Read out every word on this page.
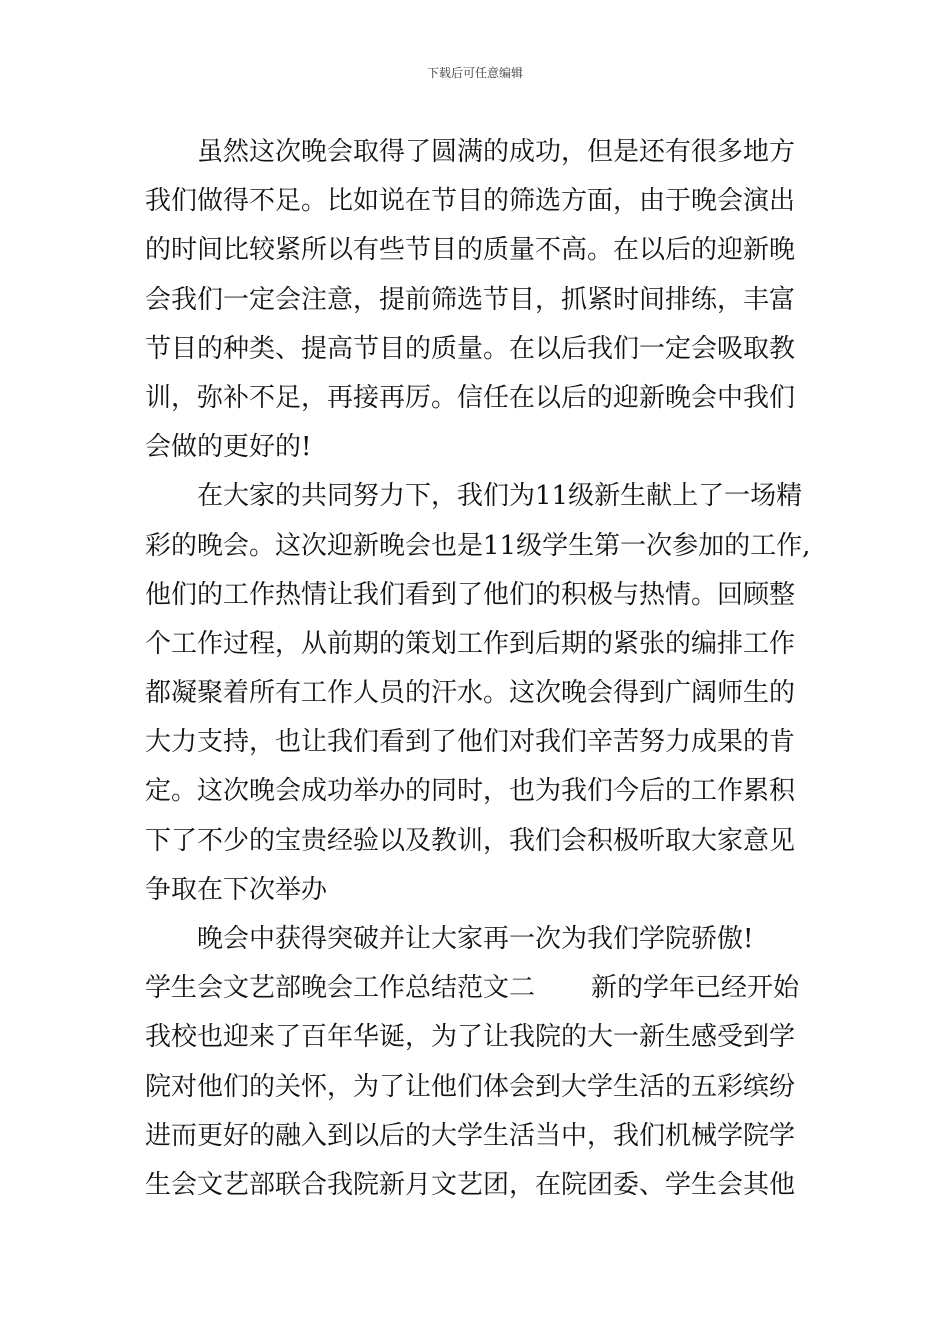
下载后可任意编辑
虽然这次晚会取得了圆满的成功，但是还有很多地方
我们做得不足。比如说在节目的筛选方面，由于晚会演出
的时间比较紧所以有些节目的质量不高。在以后的迎新晚
会我们一定会注意，提前筛选节目，抓紧时间排练，丰富
节目的种类、提高节目的质量。在以后我们一定会吸取教
训，弥补不足，再接再厉。信任在以后的迎新晚会中我们
会做的更好的!
在大家的共同努力下，我们为11级新生献上了一场精
彩的晚会。这次迎新晚会也是11级学生第一次参加的工作,
他们的工作热情让我们看到了他们的积极与热情。回顾整
个工作过程，从前期的策划工作到后期的紧张的编排工作
都凝聚着所有工作人员的汗水。这次晚会得到广阔师生的
大力支持，也让我们看到了他们对我们辛苦努力成果的肯
定。这次晚会成功举办的同时，也为我们今后的工作累积
下了不少的宝贵经验以及教训，我们会积极听取大家意见
争取在下次举办
晚会中获得突破并让大家再一次为我们学院骄傲!
学生会文艺部晚会工作总结范文二 新的学年已经开始
我校也迎来了百年华诞，为了让我院的大一新生感受到学
院对他们的关怀，为了让他们体会到大学生活的五彩缤纷
进而更好的融入到以后的大学生活当中，我们机械学院学
生会文艺部联合我院新月文艺团，在院团委、学生会其他
